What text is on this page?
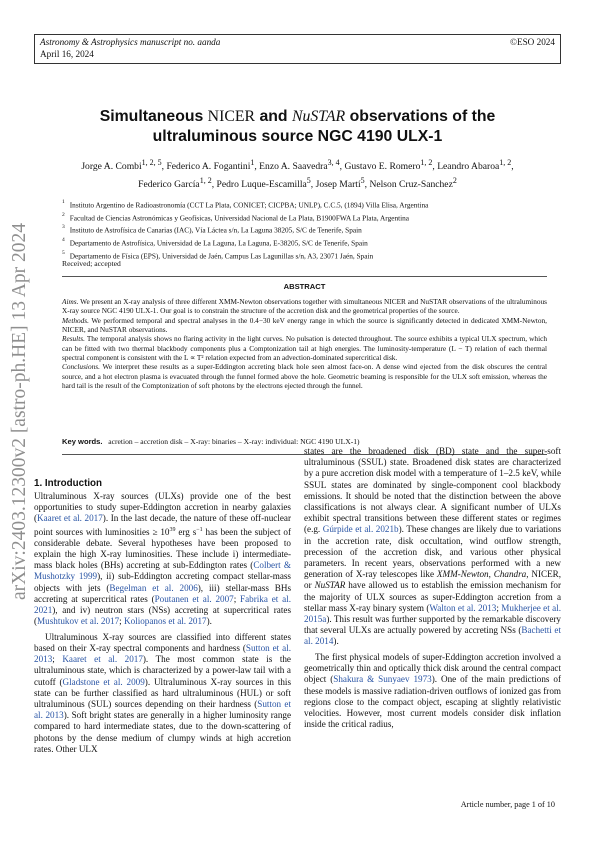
Astronomy & Astrophysics manuscript no. aanda
April 16, 2024
©ESO 2024
Simultaneous NICER and NuSTAR observations of the
ultraluminous source NGC 4190 ULX-1
Jorge A. Combi$^{1, 2, 5}$, Federico A. Fogantini$^1$, Enzo A. Saavedra$^{3, 4}$, Gustavo E. Romero$^{1, 2}$, Leandro Abaroa$^{1, 2}$,
Federico García$^{1, 2}$, Pedro Luque-Escamilla$^5$, Josep Martí$^5$, Nelson Cruz-Sanchez$^2$
$^1$ Instituto Argentino de Radioastronomía (CCT La Plata, CONICET; CICPBA; UNLP), C.C.5, (1894) Villa Elisa, Argentina
$^2$ Facultad de Ciencias Astronómicas y Geofísicas, Universidad Nacional de La Plata, B1900FWA La Plata, Argentina
$^3$ Instituto de Astrofísica de Canarias (IAC), Vía Láctea s/n, La Laguna 38205, S/C de Tenerife, Spain
$^4$ Departamento de Astrofísica, Universidad de La Laguna, La Laguna, E-38205, S/C de Tenerife, Spain
$^5$ Departamento de Física (EPS), Universidad de Jaén, Campus Las Lagunillas s/n, A3, 23071 Jaén, Spain
Received; accepted
ABSTRACT

Aims. We present an X-ray analysis of three different XMM-Newton observations together with simultaneous NICER and NuSTAR observations of the ultraluminous X-ray source NGC 4190 ULX-1. Our goal is to constrain the structure of the accretion disk and the geometrical properties of the source.

Methods. We performed temporal and spectral analyses in the 0.4−30 keV energy range in which the source is significantly detected in dedicated XMM-Newton, NICER, and NuSTAR observations.

Results. The temporal analysis shows no flaring activity in the light curves. No pulsation is detected throughout. The source exhibits a typical ULX spectrum, which can be fitted with two thermal blackbody components plus a Comptonization tail at high energies. The luminosity-temperature (L − T) relation of each thermal spectral component is consistent with the L ∝ T² relation expected from an advection-dominated supercritical disk.

Conclusions. We interpret these results as a super-Eddington accreting black hole seen almost face-on. A dense wind ejected from the disk obscures the central source, and a hot electron plasma is evacuated through the funnel formed above the hole. Geometric beaming is responsible for the ULX soft emission, whereas the hard tail is the result of the Comptonization of soft photons by the electrons ejected through the funnel.

Key words. acretion – accretion disk – X-ray: binaries – X-ray: individual: NGC 4190 ULX-1)
arXiv:2403.12300v2 [astro-ph.HE] 13 Apr 2024 1. Introduction

Ultraluminous X-ray sources (ULXs) provide one of the best opportunities to study super-Eddington accretion in nearby galaxies (Kaaret et al. 2017). In the last decade, the nature of these off-nuclear point sources with luminosities ≥ $10^{39}$ erg $s^{-1}$ has been the subject of considerable debate. Several hypotheses have been proposed to explain the high X-ray luminosities. These include i) intermediate-mass black holes (BHs) accreting at sub-Eddington rates (Colbert & Mushotzky 1999), ii) sub-Eddington accreting compact stellar-mass objects with jets (Begelman et al. 2006), iii) stellar-mass BHs accreting at supercritical rates (Poutanen et al. 2007; Fabrika et al. 2021), and iv) neutron stars (NSs) accreting at supercritical rates (Mushtukov et al. 2017; Koliopanos et al. 2017).

Ultraluminous X-ray sources are classified into different states based on their X-ray spectral components and hardness (Sutton et al. 2013; Kaaret et al. 2017). The most common state is the ultraluminous state, which is characterized by a power-law tail with a cutoff (Gladstone et al. 2009). Ultraluminous X-ray sources in this state can be further classified as hard ultraluminous (HUL) or soft ultraluminous (SUL) sources depending on their hardness (Sutton et al. 2013). Soft bright states are generally in a higher luminosity range compared to hard intermediate states, due to the down-scattering of photons by the dense medium of clumpy winds at high accretion rates. Other ULX

states are the broadened disk (BD) state and the super-soft ultraluminous (SSUL) state. Broadened disk states are characterized by a pure accretion disk model with a temperature of 1–2.5 keV, while SSUL states are dominated by single-component cool blackbody emissions. It should be noted that the distinction between the above classifications is not always clear. A significant number of ULXs exhibit spectral transitions between these different states or regimes (e.g. Gúrpide et al. 2021b). These changes are likely due to variations in the accretion rate, disk occultation, wind outflow strength, precession of the accretion disk, and various other physical parameters. In recent years, observations performed with a new generation of X-ray telescopes like XMM-Newton, Chandra, NICER, or NuSTAR have allowed us to establish the emission mechanism for the majority of ULX sources as super-Eddington accretion from a stellar mass X-ray binary system (Walton et al. 2013; Mukherjee et al. 2015a). This result was further supported by the remarkable discovery that several ULXs are actually powered by accreting NSs (Bachetti et al. 2014).

The first physical models of super-Eddington accretion involved a geometrically thin and optically thick disk around the central compact object (Shakura & Sunyaev 1973). One of the main predictions of these models is massive radiation-driven outflows of ionized gas from regions close to the compact object, escaping at slightly relativistic velocities. However, most current models consider disk inflation inside the critical radius,

Article number, page 1 of 10
